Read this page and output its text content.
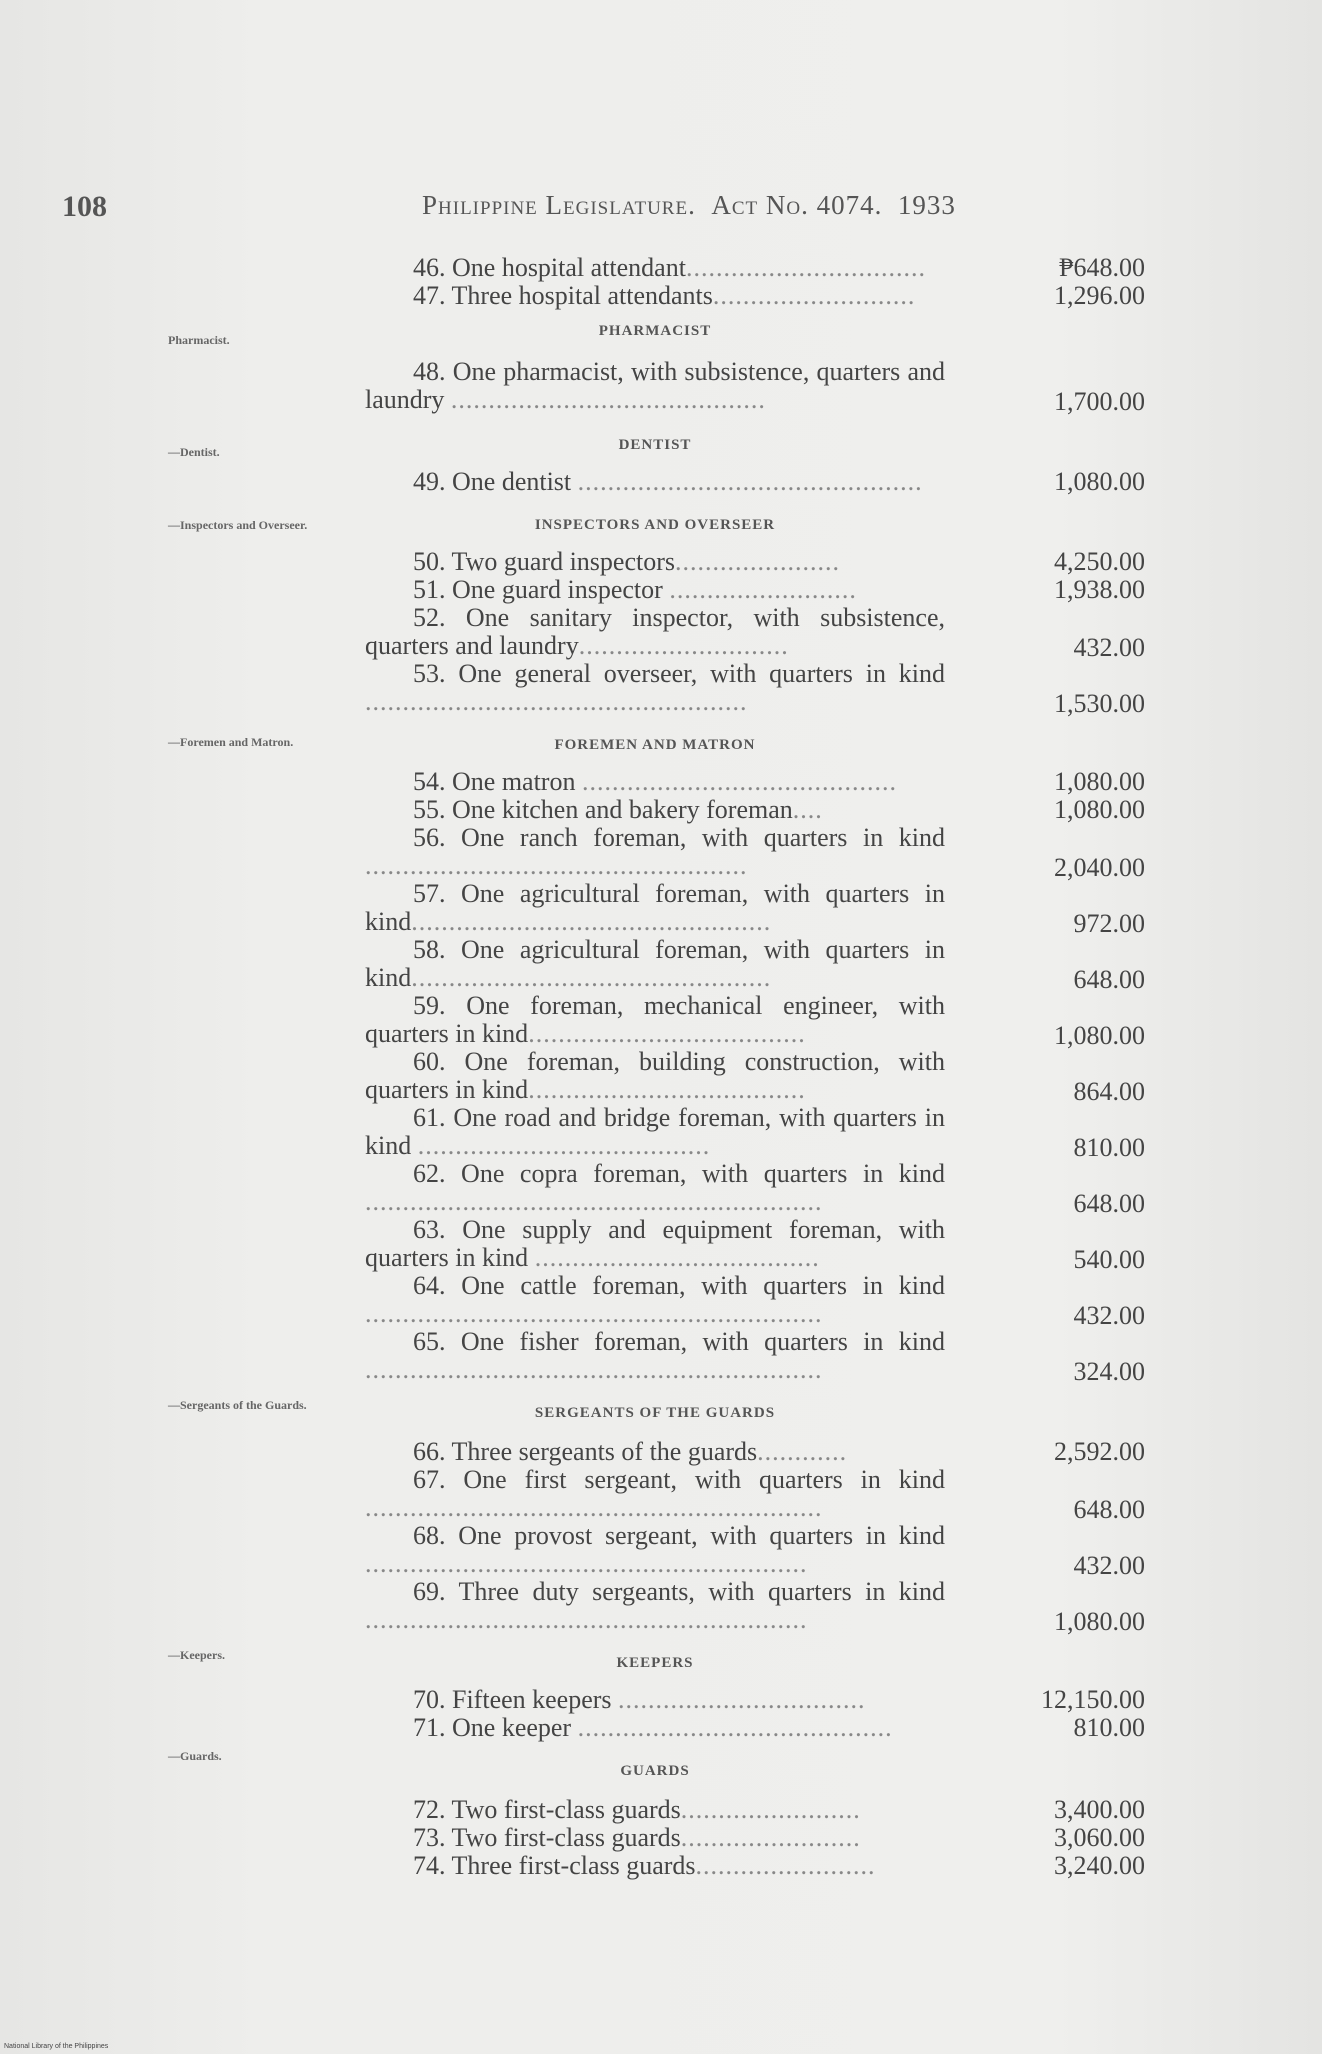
108	Philippine Legislature. Act No. 4074. 1933
Pharmacist.
—Dentist.
—Inspectors and Overseer.
—Foremen and Matron.
—Sergeants of the Guards.
—Keepers.
—Guards.
46. One hospital attendant................................	₱648.00
47. Three hospital attendants...........................	1,296.00
PHARMACIST
48. One pharmacist, with subsistence, quarters and laundry ..........................................	1,700.00
DENTIST
49. One dentist ..............................................	1,080.00
INSPECTORS AND OVERSEER
50. Two guard inspectors......................	4,250.00
51. One guard inspector .........................	1,938.00
52. One sanitary inspector, with subsistence, quarters and laundry............................	432.00
53. One general overseer, with quarters in kind ...................................................	1,530.00
FOREMEN AND MATRON
54. One matron ..........................................	1,080.00
55. One kitchen and bakery foreman....	1,080.00
56. One ranch foreman, with quarters in kind ...................................................	2,040.00
57. One agricultural foreman, with quarters in kind................................................	972.00
58. One agricultural foreman, with quarters in kind................................................	648.00
59. One foreman, mechanical engineer, with quarters in kind.....................................	1,080.00
60. One foreman, building construction, with quarters in kind.....................................	864.00
61. One road and bridge foreman, with quarters in kind .......................................	810.00
62. One copra foreman, with quarters in kind .............................................................	648.00
63. One supply and equipment foreman, with quarters in kind ......................................	540.00
64. One cattle foreman, with quarters in kind .............................................................	432.00
65. One fisher foreman, with quarters in kind .............................................................	324.00
SERGEANTS OF THE GUARDS
66. Three sergeants of the guards............	2,592.00
67. One first sergeant, with quarters in kind .............................................................	648.00
68. One provost sergeant, with quarters in kind ...........................................................	432.00
69. Three duty sergeants, with quarters in kind ...........................................................	1,080.00
KEEPERS
70. Fifteen keepers .................................	12,150.00
71. One keeper ..........................................	810.00
GUARDS
72. Two first-class guards........................	3,400.00
73. Two first-class guards........................	3,060.00
74. Three first-class guards........................	3,240.00
National Library of the Philippines
